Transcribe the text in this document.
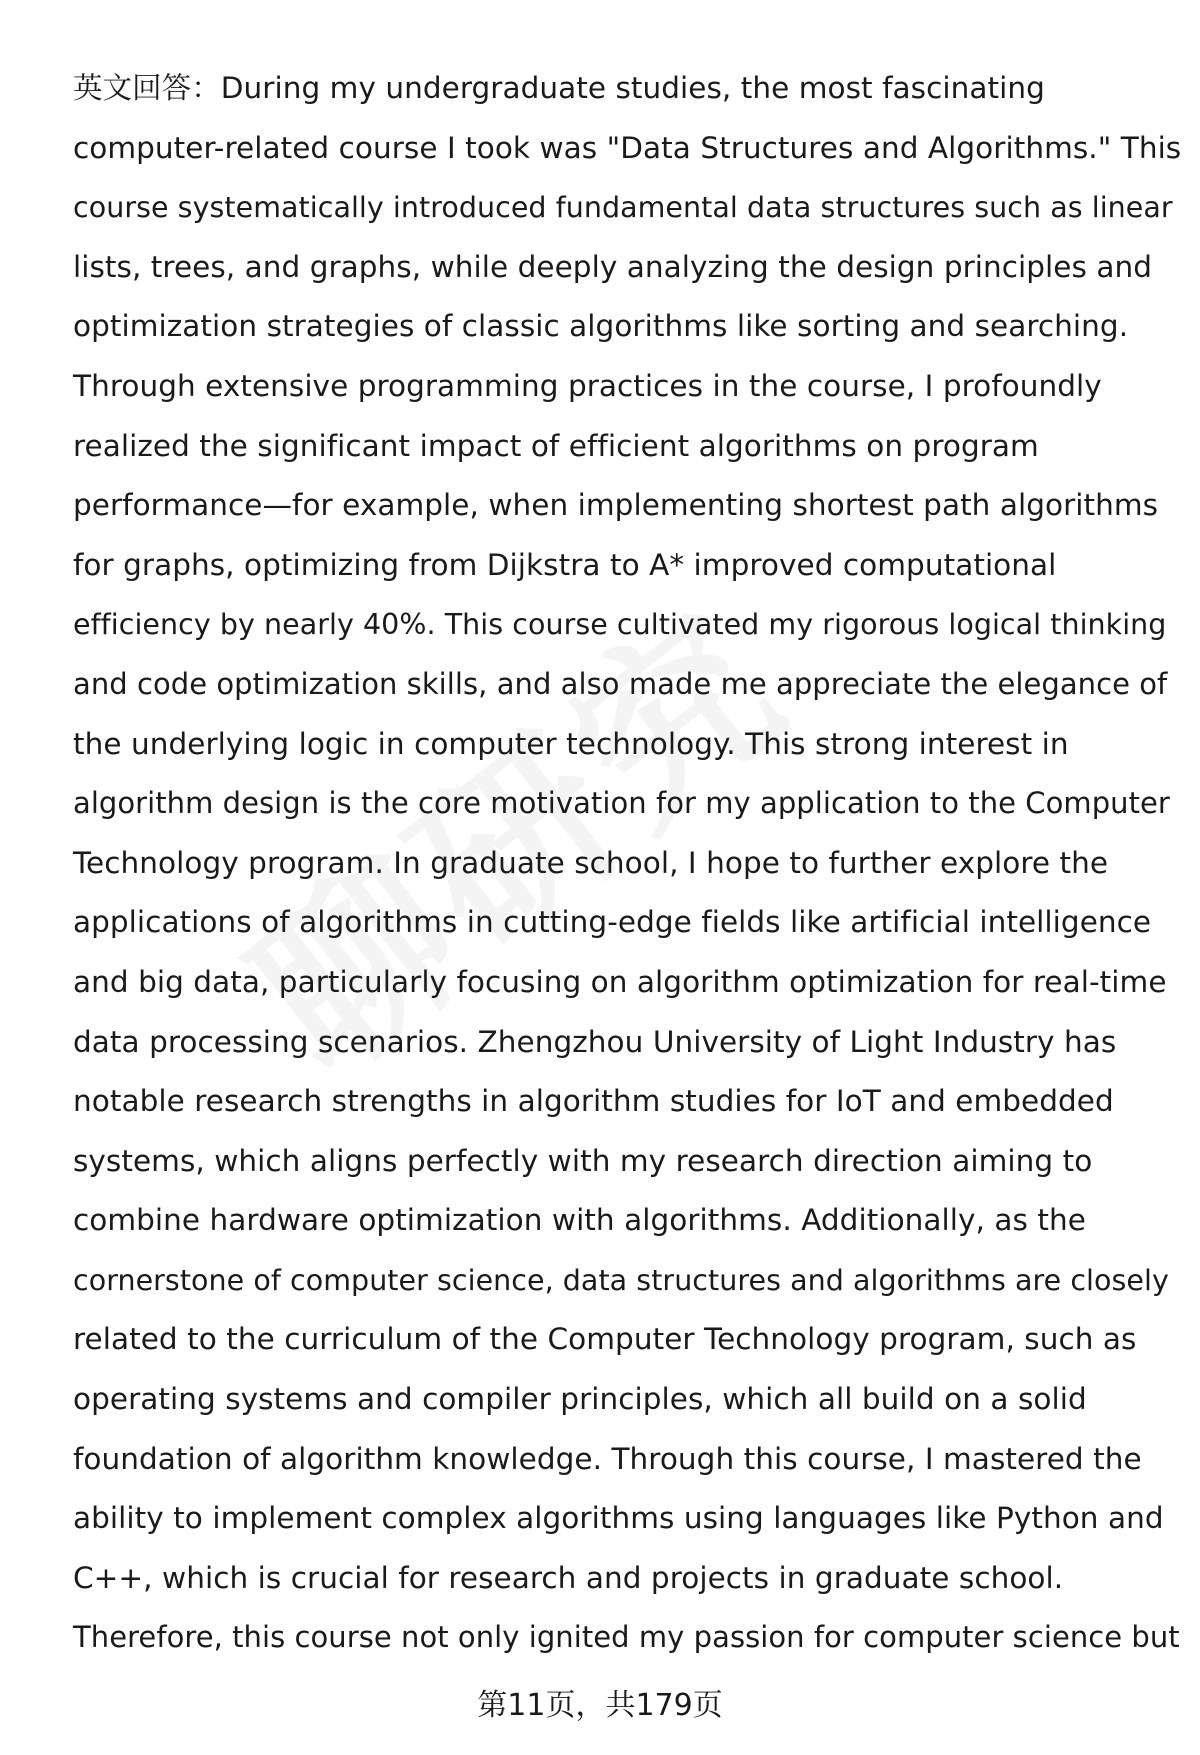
英文回答：During my undergraduate studies, the most fascinating
computer-related course I took was "Data Structures and Algorithms." This
course systematically introduced fundamental data structures such as linear
lists, trees, and graphs, while deeply analyzing the design principles and
optimization strategies of classic algorithms like sorting and searching.
Through extensive programming practices in the course, I profoundly
realized the significant impact of efficient algorithms on program
performance—for example, when implementing shortest path algorithms
for graphs, optimizing from Dijkstra to A* improved computational
efficiency by nearly 40%. This course cultivated my rigorous logical thinking
and code optimization skills, and also made me appreciate the elegance of
the underlying logic in computer technology. This strong interest in
algorithm design is the core motivation for my application to the Computer
Technology program. In graduate school, I hope to further explore the
applications of algorithms in cutting-edge fields like artificial intelligence
and big data, particularly focusing on algorithm optimization for real-time
data processing scenarios. Zhengzhou University of Light Industry has
notable research strengths in algorithm studies for IoT and embedded
systems, which aligns perfectly with my research direction aiming to
combine hardware optimization with algorithms. Additionally, as the
cornerstone of computer science, data structures and algorithms are closely
related to the curriculum of the Computer Technology program, such as
operating systems and compiler principles, which all build on a solid
foundation of algorithm knowledge. Through this course, I mastered the
ability to implement complex algorithms using languages like Python and
C++, which is crucial for research and projects in graduate school.
Therefore, this course not only ignited my passion for computer science but
第11页，共179页
